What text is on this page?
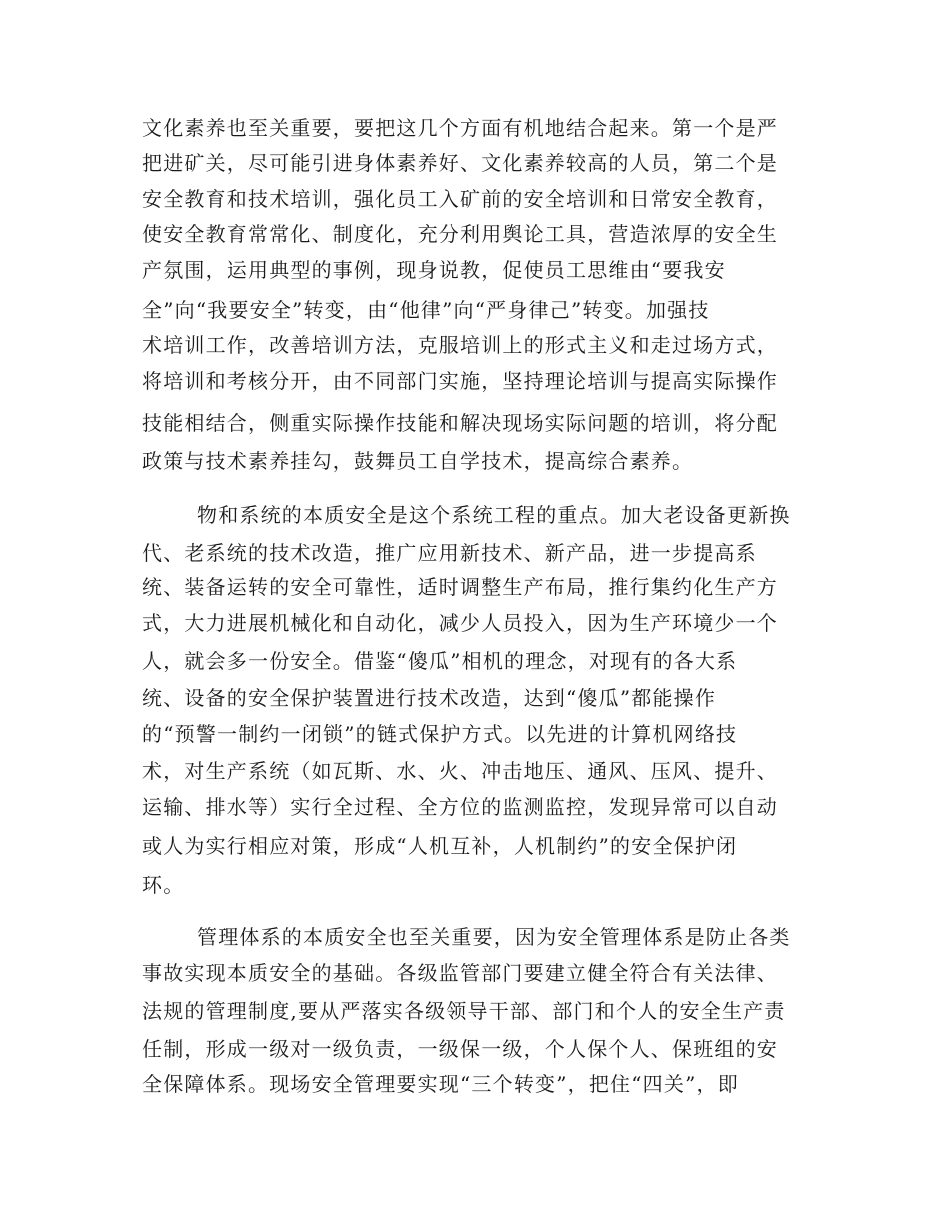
文化素养也至关重要，要把这几个方面有机地结合起来。第一个是严
把进矿关，尽可能引进身体素养好、文化素养较高的人员，第二个是
安全教育和技术培训，强化员工入矿前的安全培训和日常安全教育，
使安全教育常常化、制度化，充分利用舆论工具，营造浓厚的安全生
产氛围，运用典型的事例，现身说教，促使员工思维由“要我安
全”向“我要安全”转变，由“他律”向“严身律己”转变。加强技
术培训工作，改善培训方法，克服培训上的形式主义和走过场方式，
将培训和考核分开，由不同部门实施，坚持理论培训与提高实际操作
技能相结合，侧重实际操作技能和解决现场实际问题的培训，将分配
政策与技术素养挂勾，鼓舞员工自学技术，提高综合素养。
物和系统的本质安全是这个系统工程的重点。加大老设备更新换
代、老系统的技术改造，推广应用新技术、新产品，进一步提高系
统、装备运转的安全可靠性，适时调整生产布局，推行集约化生产方
式，大力进展机械化和自动化，减少人员投入，因为生产环境少一个
人，就会多一份安全。借鉴“傻瓜”相机的理念，对现有的各大系
统、设备的安全保护装置进行技术改造，达到“傻瓜”都能操作
的“预警一制约一闭锁”的链式保护方式。以先进的计算机网络技
术，对生产系统（如瓦斯、水、火、冲击地压、通风、压风、提升、
运输、排水等）实行全过程、全方位的监测监控，发现异常可以自动
或人为实行相应对策，形成“人机互补，人机制约”的安全保护闭
环。
管理体系的本质安全也至关重要，因为安全管理体系是防止各类
事故实现本质安全的基础。各级监管部门要建立健全符合有关法律、
法规的管理制度,要从严落实各级领导干部、部门和个人的安全生产责
任制，形成一级对一级负责，一级保一级，个人保个人、保班组的安
全保障体系。现场安全管理要实现“三个转变”，把住“四关”，即
